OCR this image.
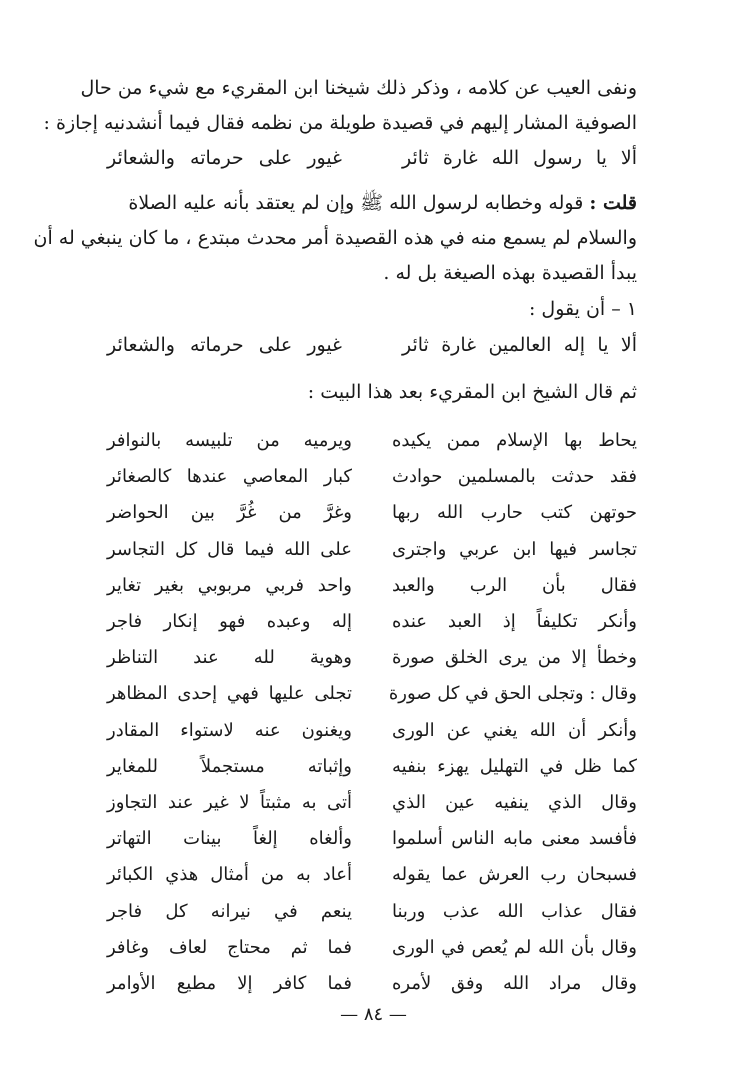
ونفى العيب عن كلامه ، وذكر ذلك شيخنا ابن المقريء مع شيء من حال
الصوفية المشار إليهم في قصيدة طويلة من نظمه فقال فيما أنشدنيه إجازة :
ألا يا رسول الله غارة ثائر
غيور على حرماته والشعائر
قلت : قوله وخطابه لرسول الله ﷺ وإن لم يعتقد بأنه عليه الصلاة
والسلام لم يسمع منه في هذه القصيدة أمر محدث مبتدع ، ما كان ينبغي له أن
يبدأ القصيدة بهذه الصيغة بل له .
١ – أن يقول :
ألا يا إله العالمين غارة ثائر
غيور على حرماته والشعائر
ثم قال الشيخ ابن المقريء بعد هذا البيت :
يحاط بها الإسلام ممن يكيده
ويرميه من تلبيسه بالنوافر
فقد حدثت بالمسلمين حوادث
كبار المعاصي عندها كالصغائر
حوتهن كتب حارب الله ربها
وغرَّ من غُرَّ بين الحواضر
تجاسر فيها ابن عربي واجترى
على الله فيما قال كل التجاسر
فقال بأن الرب والعبد
واحد فربي مربوبي بغير تغاير
وأنكر تكليفاً إذ العبد عنده
إله وعبده فهو إنكار فاجر
وخطأ إلا من يرى الخلق صورة
وهوية لله عند التناظر
وقال : وتجلى الحق في كل صورة
تجلى عليها فهي إحدى المظاهر
وأنكر أن الله يغني عن الورى
ويغنون عنه لاستواء المقادر
كما ظل في التهليل يهزء بنفيه
وإثباته مستجملاً للمغاير
وقال الذي ينفيه عين الذي
أتى به مثبتاً لا غير عند التجاوز
فأفسد معنى مابه الناس أسلموا
وألغاه إلغاً بينات التهاتر
فسبحان رب العرش عما يقوله
أعاد به من أمثال هذي الكبائر
فقال عذاب الله عذب وربنا
ينعم في نيرانه كل فاجر
وقال بأن الله لم يُعص في الورى
فما ثم محتاج لعاف وغافر
وقال مراد الله وفق لأمره
فما كافر إلا مطيع الأوامر
— ٨٤ —
